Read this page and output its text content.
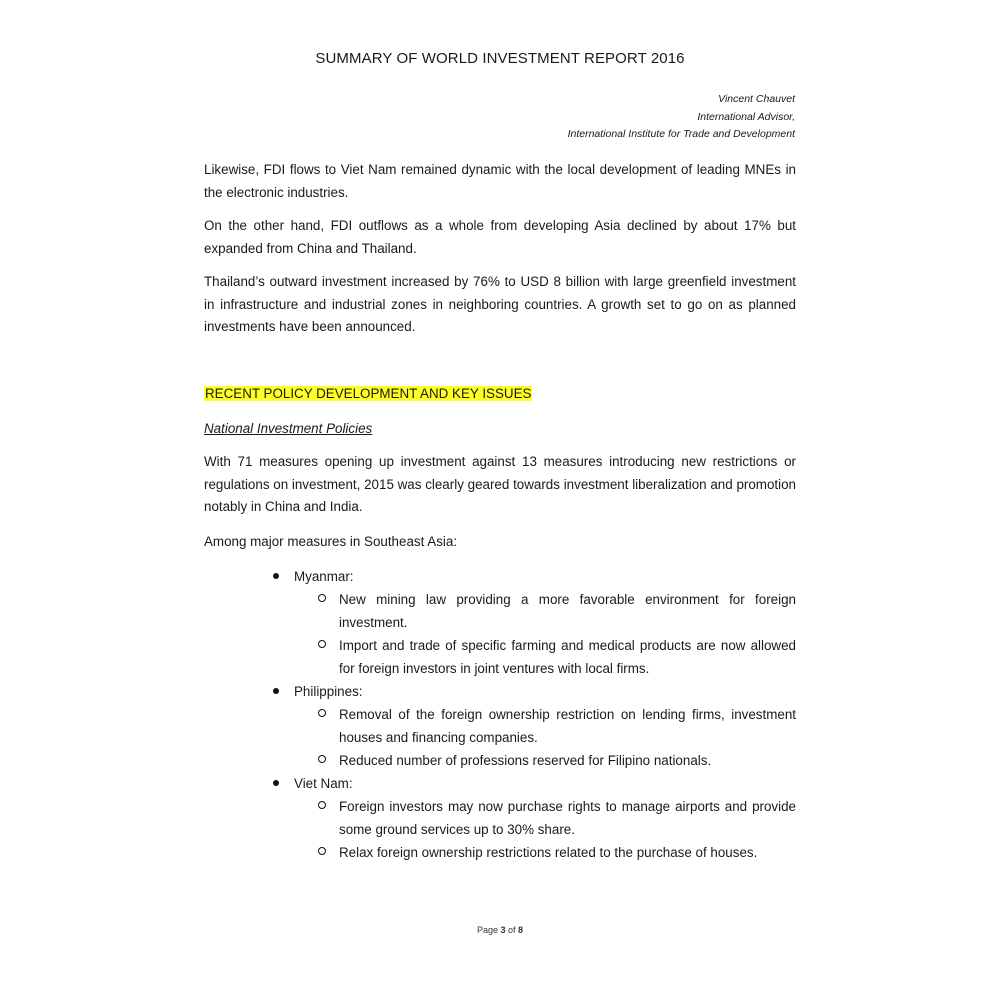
SUMMARY OF WORLD INVESTMENT REPORT 2016
Vincent Chauvet
International Advisor,
International Institute for Trade and Development

Likewise, FDI flows to Viet Nam remained dynamic with the local development of leading MNEs in the electronic industries.

On the other hand, FDI outflows as a whole from developing Asia declined by about 17% but expanded from China and Thailand.

Thailand’s outward investment increased by 76% to USD 8 billion with large greenfield investment in infrastructure and industrial zones in neighboring countries. A growth set to go on as planned investments have been announced.

RECENT POLICY DEVELOPMENT AND KEY ISSUES
National Investment Policies

With 71 measures opening up investment against 13 measures introducing new restrictions or regulations on investment, 2015 was clearly geared towards investment liberalization and promotion notably in China and India.

Among major measures in Southeast Asia:

Myanmar:
New mining law providing a more favorable environment for foreign investment.
Import and trade of specific farming and medical products are now allowed for foreign investors in joint ventures with local firms.
Philippines:
Removal of the foreign ownership restriction on lending firms, investment houses and financing companies.
Reduced number of professions reserved for Filipino nationals.
Viet Nam:
Foreign investors may now purchase rights to manage airports and provide some ground services up to 30% share.
Relax foreign ownership restrictions related to the purchase of houses.
Page 3 of 8
